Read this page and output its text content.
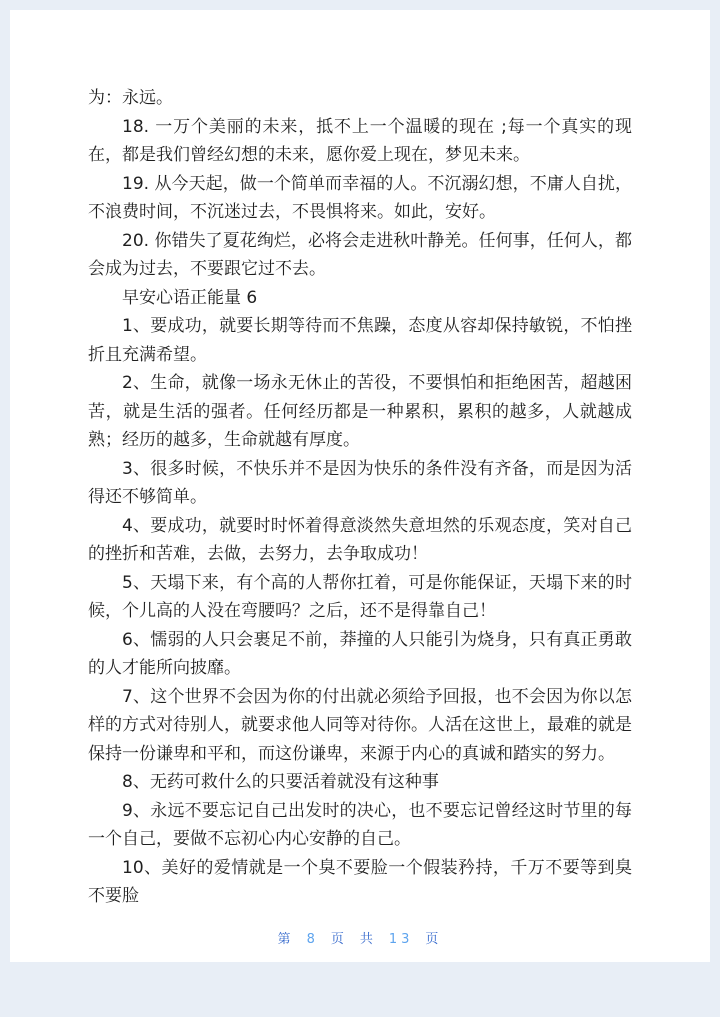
为：永远。

18. 一万个美丽的未来，抵不上一个温暖的现在 ;每一个真实的现在，都是我们曾经幻想的未来，愿你爱上现在，梦见未来。

19. 从今天起，做一个简单而幸福的人。不沉溺幻想，不庸人自扰，不浪费时间，不沉迷过去，不畏惧将来。如此，安好。

20. 你错失了夏花绚烂，必将会走进秋叶静羌。任何事，任何人，都会成为过去，不要跟它过不去。

早安心语正能量 6

1、要成功，就要长期等待而不焦躁，态度从容却保持敏锐，不怕挫折且充满希望。

2、生命，就像一场永无休止的苦役，不要惧怕和拒绝困苦，超越困苦，就是生活的强者。任何经历都是一种累积，累积的越多，人就越成熟；经历的越多，生命就越有厚度。

3、很多时候，不快乐并不是因为快乐的条件没有齐备，而是因为活得还不够简单。

4、要成功，就要时时怀着得意淡然失意坦然的乐观态度，笑对自己的挫折和苦难，去做，去努力，去争取成功！

5、天塌下来，有个高的人帮你扛着，可是你能保证，天塌下来的时候，个儿高的人没在弯腰吗？之后，还不是得靠自己！

6、懦弱的人只会裹足不前，莽撞的人只能引为烧身，只有真正勇敢的人才能所向披靡。

7、这个世界不会因为你的付出就必须给予回报，也不会因为你以怎样的方式对待别人，就要求他人同等对待你。人活在这世上，最难的就是保持一份谦卑和平和，而这份谦卑，来源于内心的真诚和踏实的努力。

8、无药可救什么的只要活着就没有这种事

9、永远不要忘记自己出发时的决心，也不要忘记曾经这时节里的每一个自己，要做不忘初心内心安静的自己。

10、美好的爱情就是一个臭不要脸一个假装矜持，千万不要等到臭不要脸

第 8 页 共 13 页
